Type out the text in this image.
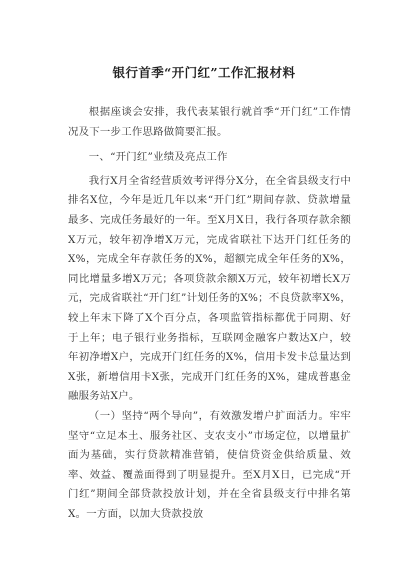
银行首季“开门红”工作汇报材料

根据座谈会安排，我代表某银行就首季“开门红”工作情况及下一步工作思路做简要汇报。

一、“开门红”业绩及亮点工作

我行X月全省经营质效考评得分X分，在全省县级支行中排名X位，今年是近几年以来“开门红”期间存款、贷款增量最多、完成任务最好的一年。至X月X日，我行各项存款余额X万元，较年初净增X万元，完成省联社下达开门红任务的X%，完成全年存款任务的X%，超额完成全年任务的X%，同比增量多增X万元；各项贷款余额X万元，较年初增长X万元，完成省联社“开门红”计划任务的X%；不良贷款率X%，较上年末下降了X个百分点，各项监管指标都优于同期、好于上年；电子银行业务指标，互联网金融客户数达X户，较年初净增X户，完成开门红任务的X%，信用卡发卡总量达到X张，新增信用卡X张，完成开门红任务的X%，建成普惠金融服务站X户。

（一）坚持“两个导向”，有效激发增户扩面活力。牢牢坚守“立足本土、服务社区、支农支小”市场定位，以增量扩面为基础，实行贷款精准营销，使信贷资金供给质量、效率、效益、覆盖面得到了明显提升。至X月X日，已完成“开门红”期间全部贷款投放计划，并在全省县级支行中排名第X。一方面，以加大贷款投放
